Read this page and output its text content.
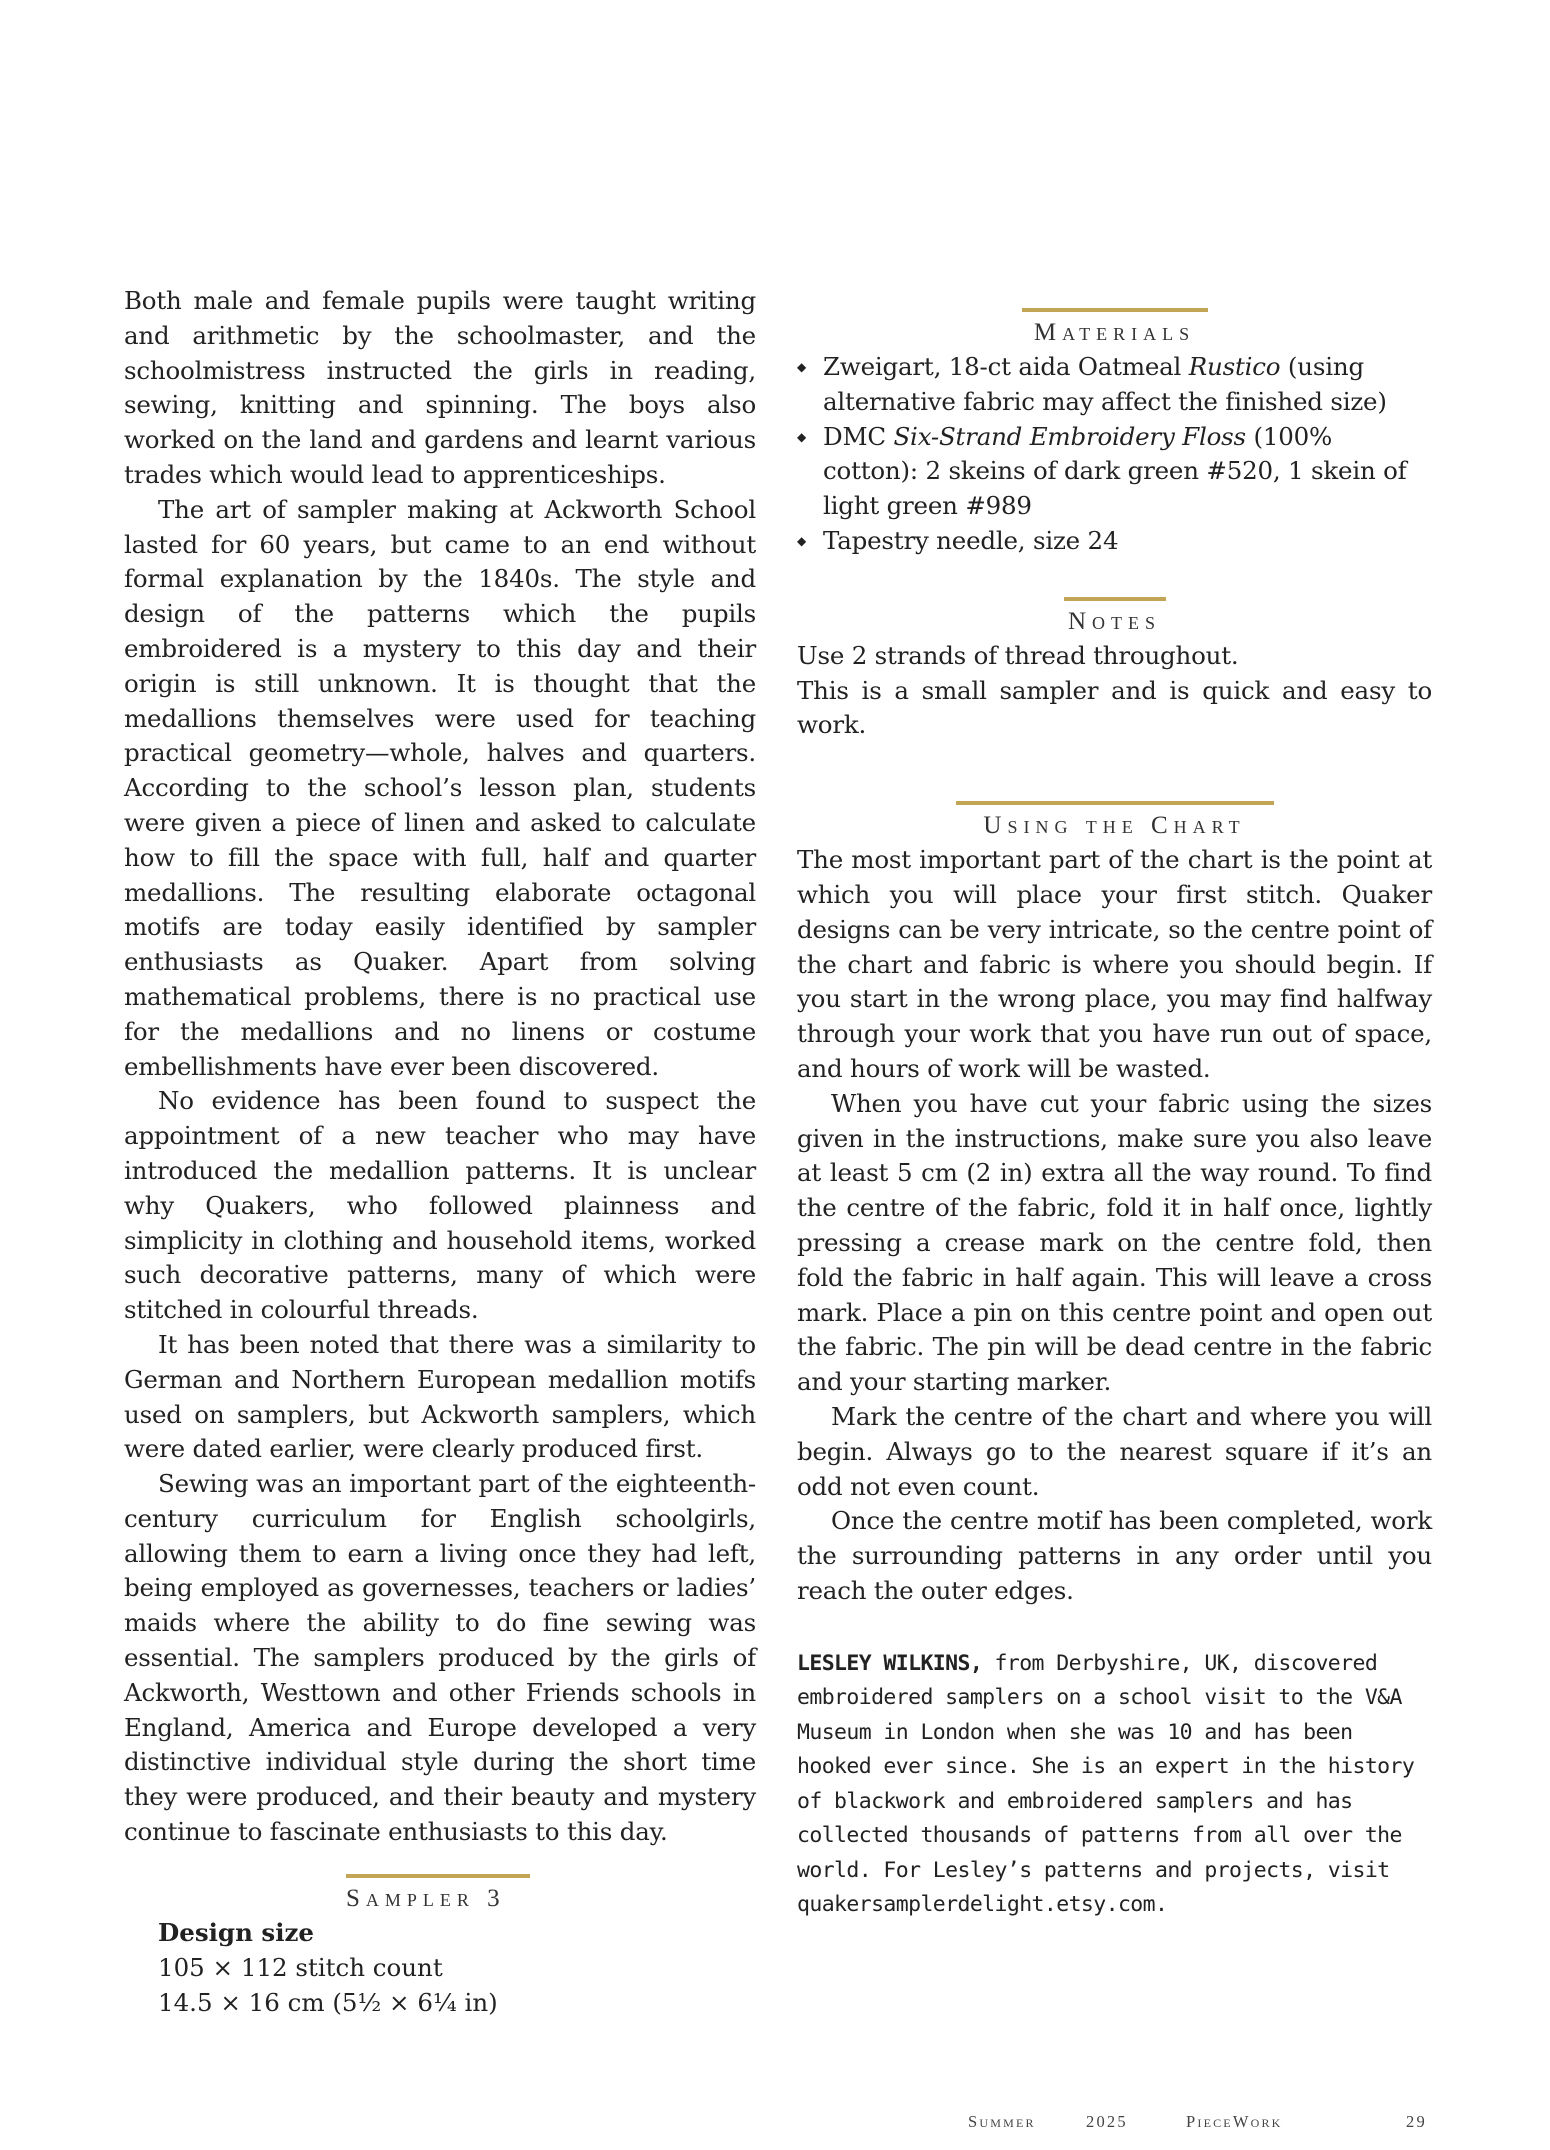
Both male and female pupils were taught writing and arithmetic by the schoolmaster, and the schoolmistress instructed the girls in reading, sewing, knitting and spinning. The boys also worked on the land and gardens and learnt various trades which would lead to apprenticeships.

The art of sampler making at Ackworth School lasted for 60 years, but came to an end without formal explanation by the 1840s. The style and design of the patterns which the pupils embroidered is a mystery to this day and their origin is still unknown. It is thought that the medallions themselves were used for teaching practical geometry—whole, halves and quarters. According to the school’s lesson plan, students were given a piece of linen and asked to calculate how to fill the space with full, half and quarter medallions. The resulting elaborate octagonal motifs are today easily identified by sampler enthusiasts as Quaker. Apart from solving mathematical problems, there is no practical use for the medallions and no linens or costume embellishments have ever been discovered.

No evidence has been found to suspect the appointment of a new teacher who may have introduced the medallion patterns. It is unclear why Quakers, who followed plainness and simplicity in clothing and household items, worked such decorative patterns, many of which were stitched in colourful threads.

It has been noted that there was a similarity to German and Northern European medallion motifs used on samplers, but Ackworth samplers, which were dated earlier, were clearly produced first.

Sewing was an important part of the eighteenth-century curriculum for English schoolgirls, allowing them to earn a living once they had left, being employed as governesses, teachers or ladies’ maids where the ability to do fine sewing was essential. The samplers produced by the girls of Ackworth, Westtown and other Friends schools in England, America and Europe developed a very distinctive individual style during the short time they were produced, and their beauty and mystery continue to fascinate enthusiasts to this day.

Sampler 3
Design size
105 × 112 stitch count
14.5 × 16 cm (5½ × 6¼ in)
Materials
◆ Zweigart, 18-ct aida Oatmeal Rustico (using alternative fabric may affect the finished size)
◆ DMC Six-Strand Embroidery Floss (100% cotton): 2 skeins of dark green #520, 1 skein of light green #989
◆ Tapestry needle, size 24
Notes

Use 2 strands of thread throughout.

This is a small sampler and is quick and easy to work.

Using the Chart

The most important part of the chart is the point at which you will place your first stitch. Quaker designs can be very intricate, so the centre point of the chart and fabric is where you should begin. If you start in the wrong place, you may find halfway through your work that you have run out of space, and hours of work will be wasted.

When you have cut your fabric using the sizes given in the instructions, make sure you also leave at least 5 cm (2 in) extra all the way round. To find the centre of the fabric, fold it in half once, lightly pressing a crease mark on the centre fold, then fold the fabric in half again. This will leave a cross mark. Place a pin on this centre point and open out the fabric. The pin will be dead centre in the fabric and your starting marker.

Mark the centre of the chart and where you will begin. Always go to the nearest square if it’s an odd not even count.

Once the centre motif has been completed, work the surrounding patterns in any order until you reach the outer edges.

LESLEY WILKINS, from Derbyshire, UK, discovered embroidered samplers on a school visit to the V&A Museum in London when she was 10 and has been hooked ever since. She is an expert in the history of blackwork and embroidered samplers and has collected thousands of patterns from all over the world. For Lesley’s patterns and projects, visit quakersamplerdelight.etsy.com.
Summer	2025	PieceWork	29
